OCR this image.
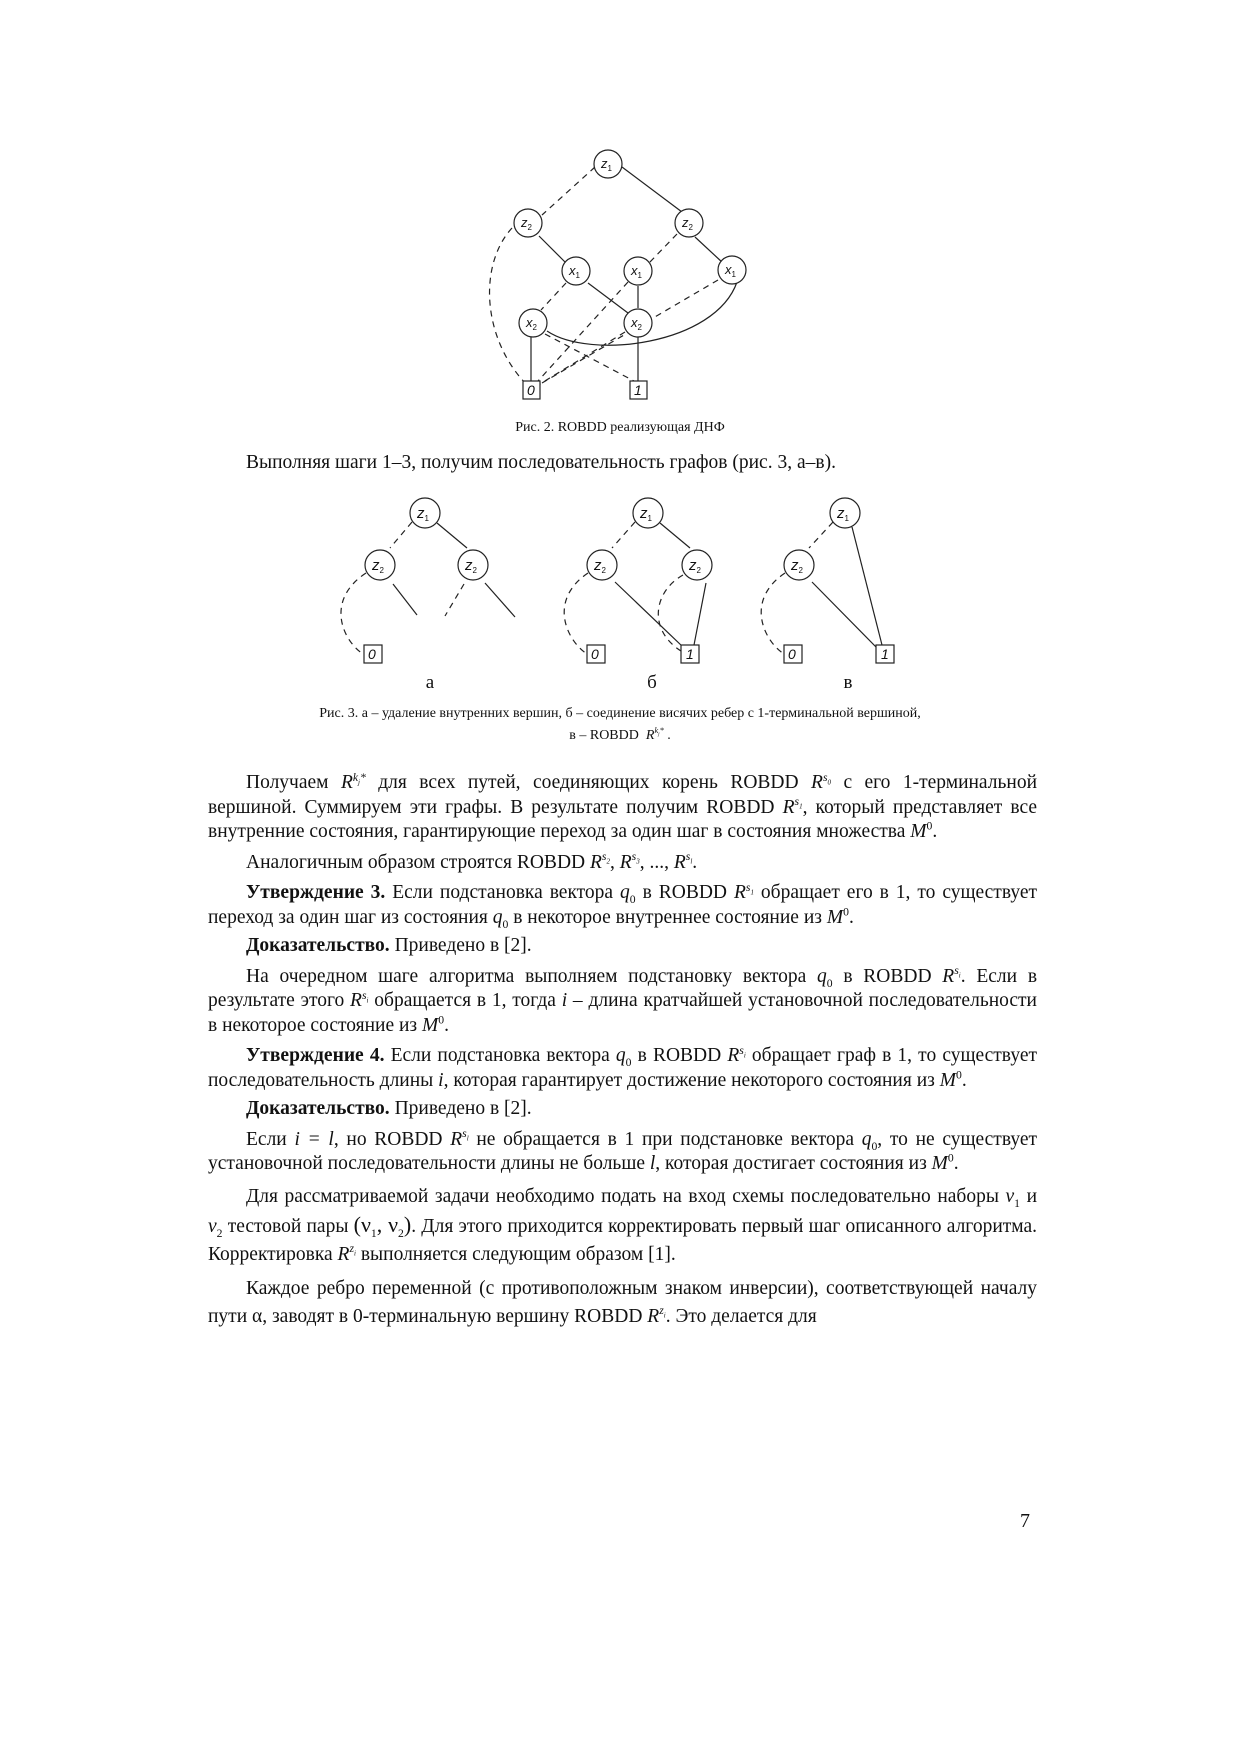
$z_1$
$z_2$	$z_2$
$x_1$	$x_1$	$x_1$
$x_2$	$x_2$
0	1
Рис. 2. ROBDD реализующая ДНФ
Выполняя шаги 1–3, получим последовательность графов (рис. 3, а–в).
$z_1$
$z_2$	$z_2$
0
$z_1$
$z_2$	$z_2$
0	1
$z_1$
$z_2$
0	1
а	б	в
Рис. 3. а – удаление внутренних вершин, б – соединение висячих ребер с 1-терминальной вершиной,
в – ROBDD $R^{k_j*}$ .

Получаем $R^{k_j*}$ для всех путей, соединяющих корень ROBDD $R^{s_0}$ с его 1-терминальной вершиной. Суммируем эти графы. В результате получим ROBDD $R^{s_1}$, который представляет все внутренние состояния, гарантирующие переход за один шаг в состояния множества $M^0$.

Аналогичным образом строятся ROBDD $R^{s_2}$, $R^{s_3}$, ..., $R^{s_l}$.

Утверждение 3. Если подстановка вектора $q_0$ в ROBDD $R^{s_1}$ обращает его в 1, то существует переход за один шаг из состояния $q_0$ в некоторое внутреннее состояние из $M^0$.

Доказательство. Приведено в [2].

На очередном шаге алгоритма выполняем подстановку вектора $q_0$ в ROBDD $R^{s_i}$. Если в результате этого $R^{s_i}$ обращается в 1, тогда i – длина кратчайшей установочной последовательности в некоторое состояние из $M^0$.

Утверждение 4. Если подстановка вектора $q_0$ в ROBDD $R^{s_i}$ обращает граф в 1, то существует последовательность длины i, которая гарантирует достижение некоторого состояния из $M^0$.

Доказательство. Приведено в [2].

Если i = l, но ROBDD $R^{s_l}$ не обращается в 1 при подстановке вектора $q_0$, то не существует установочной последовательности длины не больше l, которая достигает состояния из $M^0$.

Для рассматриваемой задачи необходимо подать на вход схемы последовательно наборы $v_1$ и $v_2$ тестовой пары ($\nu_1$, $\nu_2$). Для этого приходится корректировать первый шаг описанного алгоритма. Корректировка $R^{z_i}$ выполняется следующим образом [1].

Каждое ребро переменной (с противоположным знаком инверсии), соответствующей началу пути α, заводят в 0-терминальную вершину ROBDD $R^{z_i}$. Это делается для

7
